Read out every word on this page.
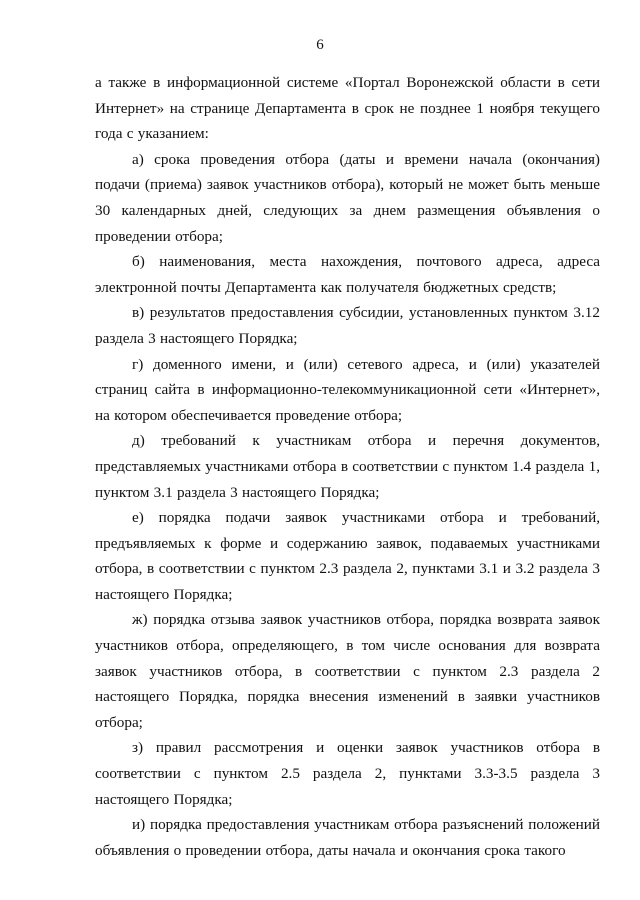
6

а также в информационной системе «Портал Воронежской области в сети Интернет» на странице Департамента в срок не позднее 1 ноября текущего года с указанием:

а) срока проведения отбора (даты и времени начала (окончания) подачи (приема) заявок участников отбора), который не может быть меньше 30 календарных дней, следующих за днем размещения объявления о проведении отбора;

б) наименования, места нахождения, почтового адреса, адреса электронной почты Департамента как получателя бюджетных средств;

в) результатов предоставления субсидии, установленных пунктом 3.12 раздела 3 настоящего Порядка;

г) доменного имени, и (или) сетевого адреса, и (или) указателей страниц сайта в информационно-телекоммуникационной сети «Интернет», на котором обеспечивается проведение отбора;

д) требований к участникам отбора и перечня документов, представляемых участниками отбора в соответствии с пунктом 1.4 раздела 1, пунктом 3.1 раздела 3 настоящего Порядка;

е) порядка подачи заявок участниками отбора и требований, предъявляемых к форме и содержанию заявок, подаваемых участниками отбора, в соответствии с пунктом 2.3 раздела 2, пунктами 3.1 и 3.2 раздела 3 настоящего Порядка;

ж) порядка отзыва заявок участников отбора, порядка возврата заявок участников отбора, определяющего, в том числе основания для возврата заявок участников отбора, в соответствии с пунктом 2.3 раздела 2 настоящего Порядка, порядка внесения изменений в заявки участников отбора;

з) правил рассмотрения и оценки заявок участников отбора в соответствии с пунктом 2.5 раздела 2, пунктами 3.3-3.5 раздела 3 настоящего Порядка;

и) порядка предоставления участникам отбора разъяснений положений объявления о проведении отбора, даты начала и окончания срока такого
